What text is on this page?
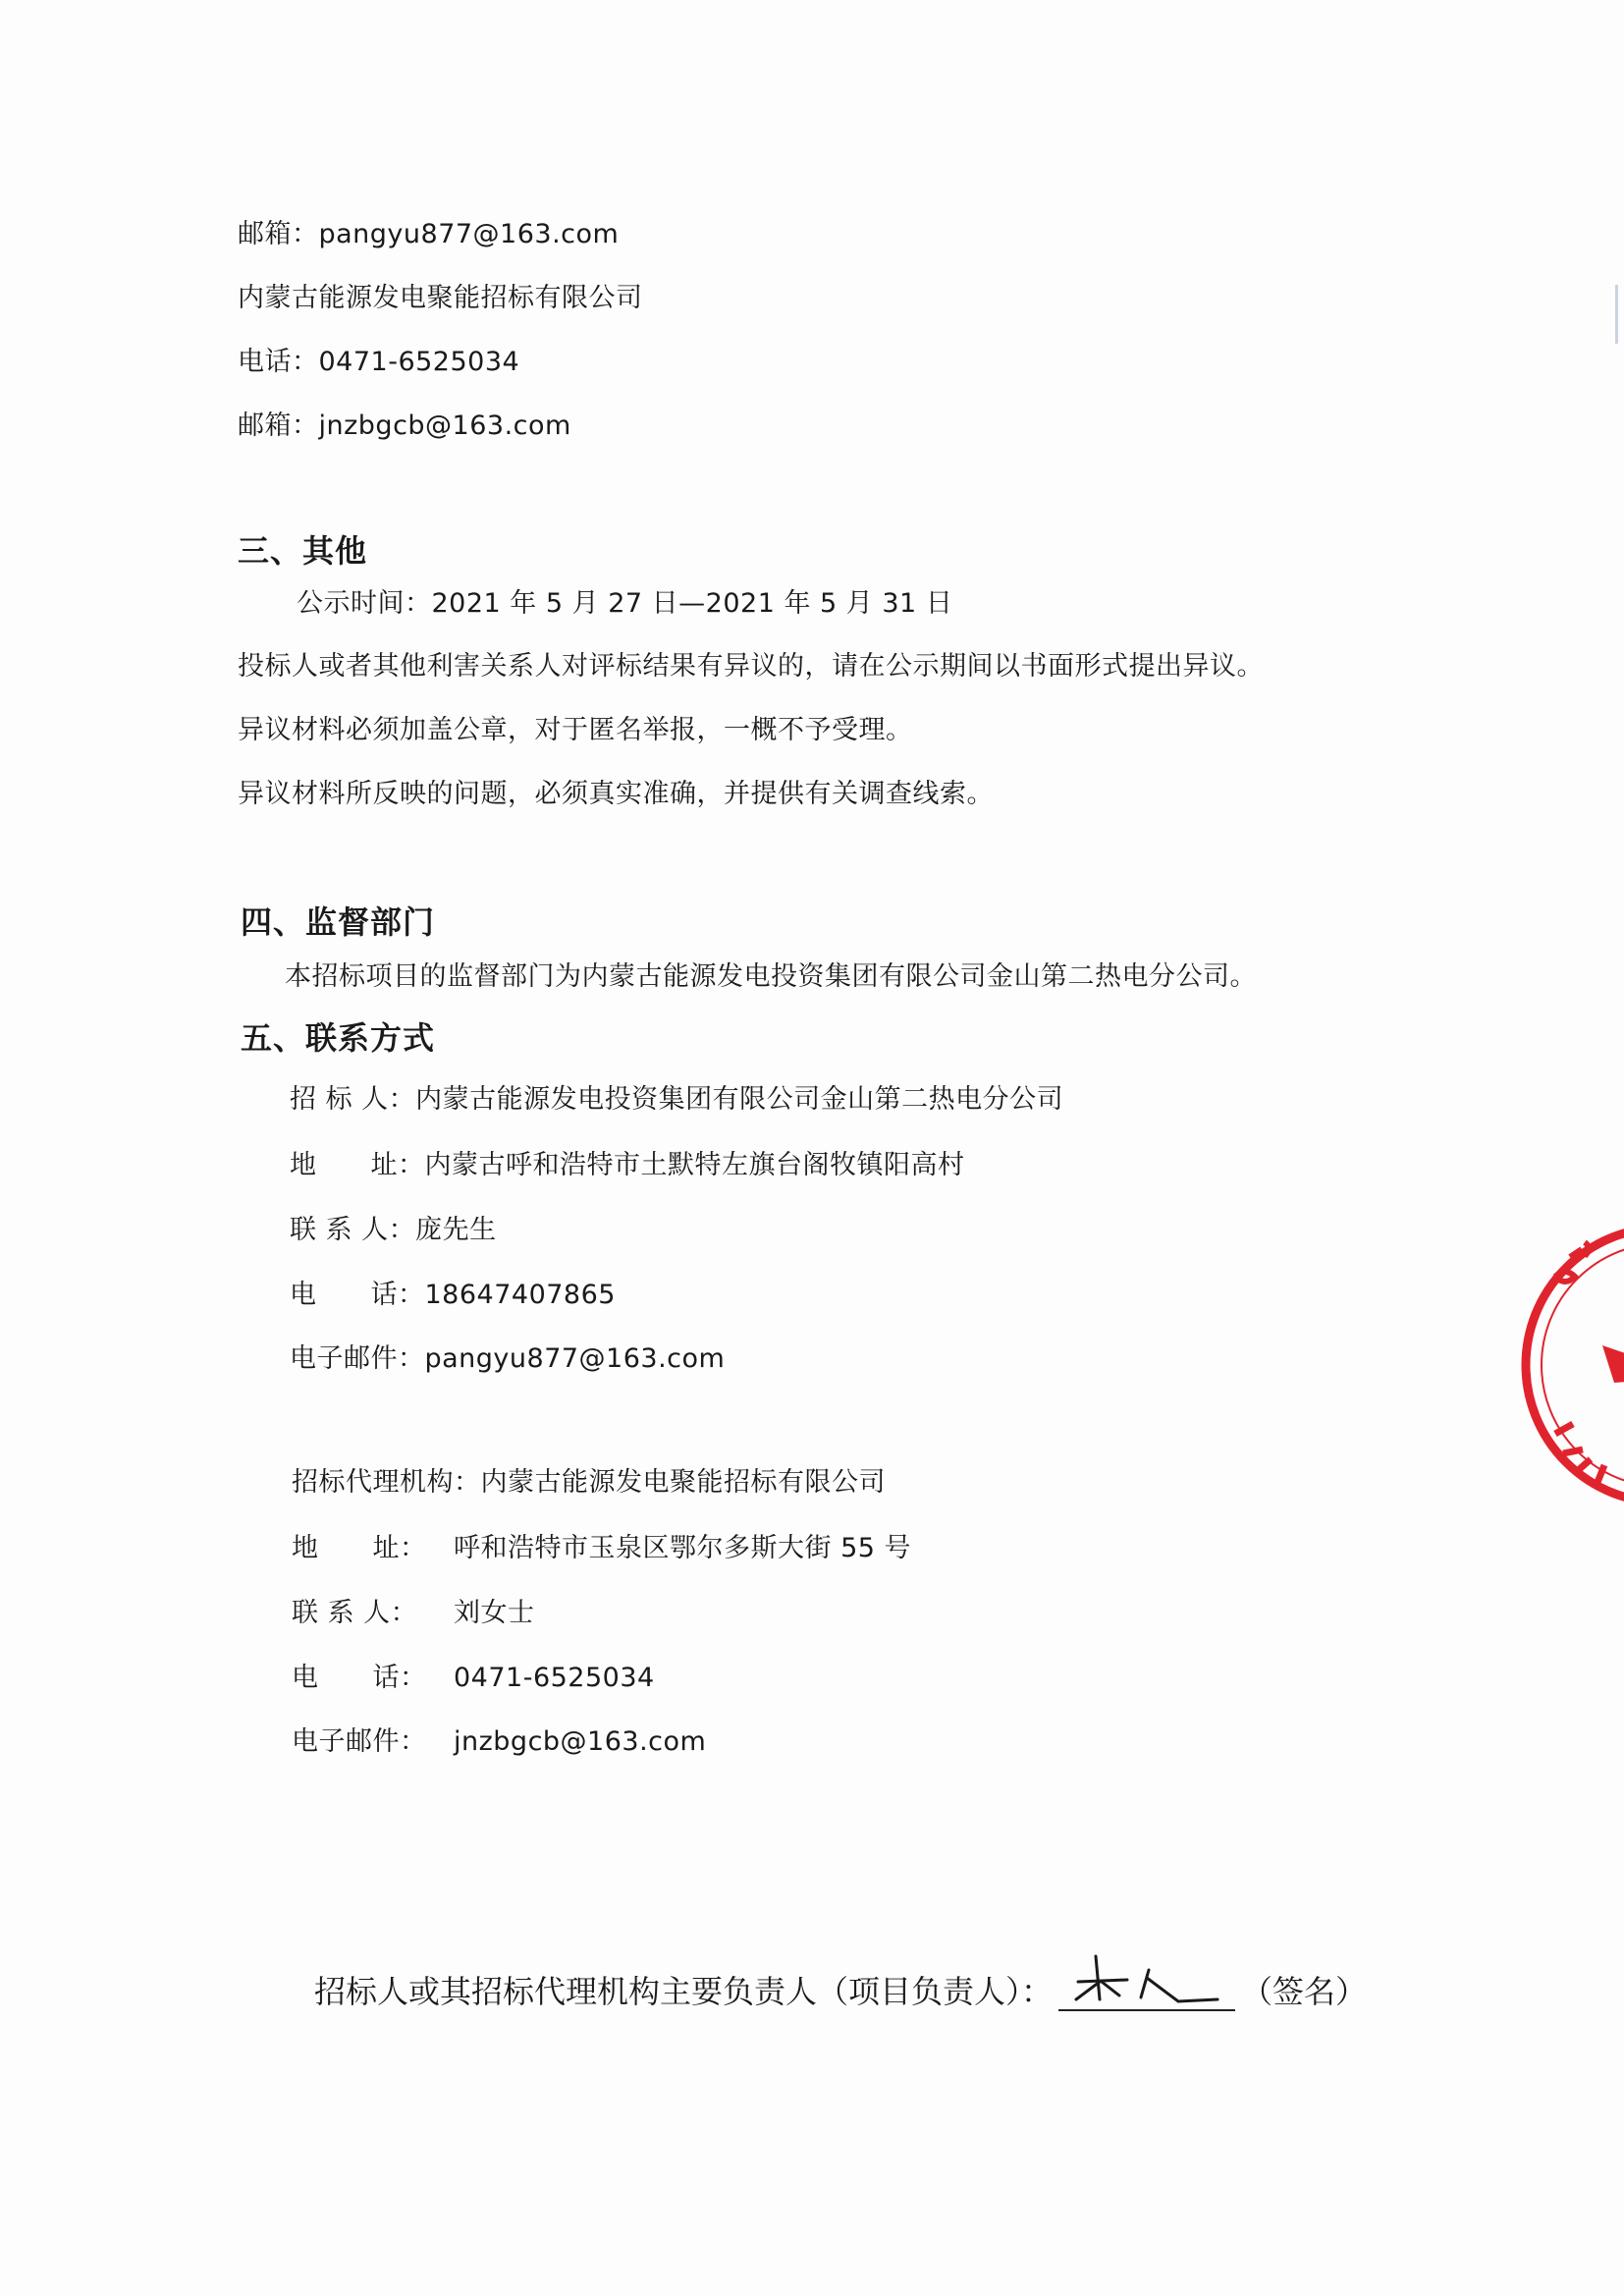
邮箱：pangyu877@163.com
内蒙古能源发电聚能招标有限公司
电话：0471-6525034
邮箱：jnzbgcb@163.com
三、其他
公示时间：2021 年 5 月 27 日—2021 年 5 月 31 日
投标人或者其他利害关系人对评标结果有异议的，请在公示期间以书面形式提出异议。
异议材料必须加盖公章，对于匿名举报，一概不予受理。
异议材料所反映的问题，必须真实准确，并提供有关调查线索。
四、监督部门
本招标项目的监督部门为内蒙古能源发电投资集团有限公司金山第二热电分公司。
五、联系方式
招 标 人：内蒙古能源发电投资集团有限公司金山第二热电分公司
地　　址：内蒙古呼和浩特市土默特左旗台阁牧镇阳高村
联 系 人：庞先生
电　　话：18647407865
电子邮件：pangyu877@163.com
招标代理机构：内蒙古能源发电聚能招标有限公司
地　　址： 呼和浩特市玉泉区鄂尔多斯大街 55 号
联 系 人： 刘女士
电　　话： 0471-6525034
电子邮件： jnzbgcb@163.com
招标人或其招标代理机构主要负责人（项目负责人）：	（签名）
